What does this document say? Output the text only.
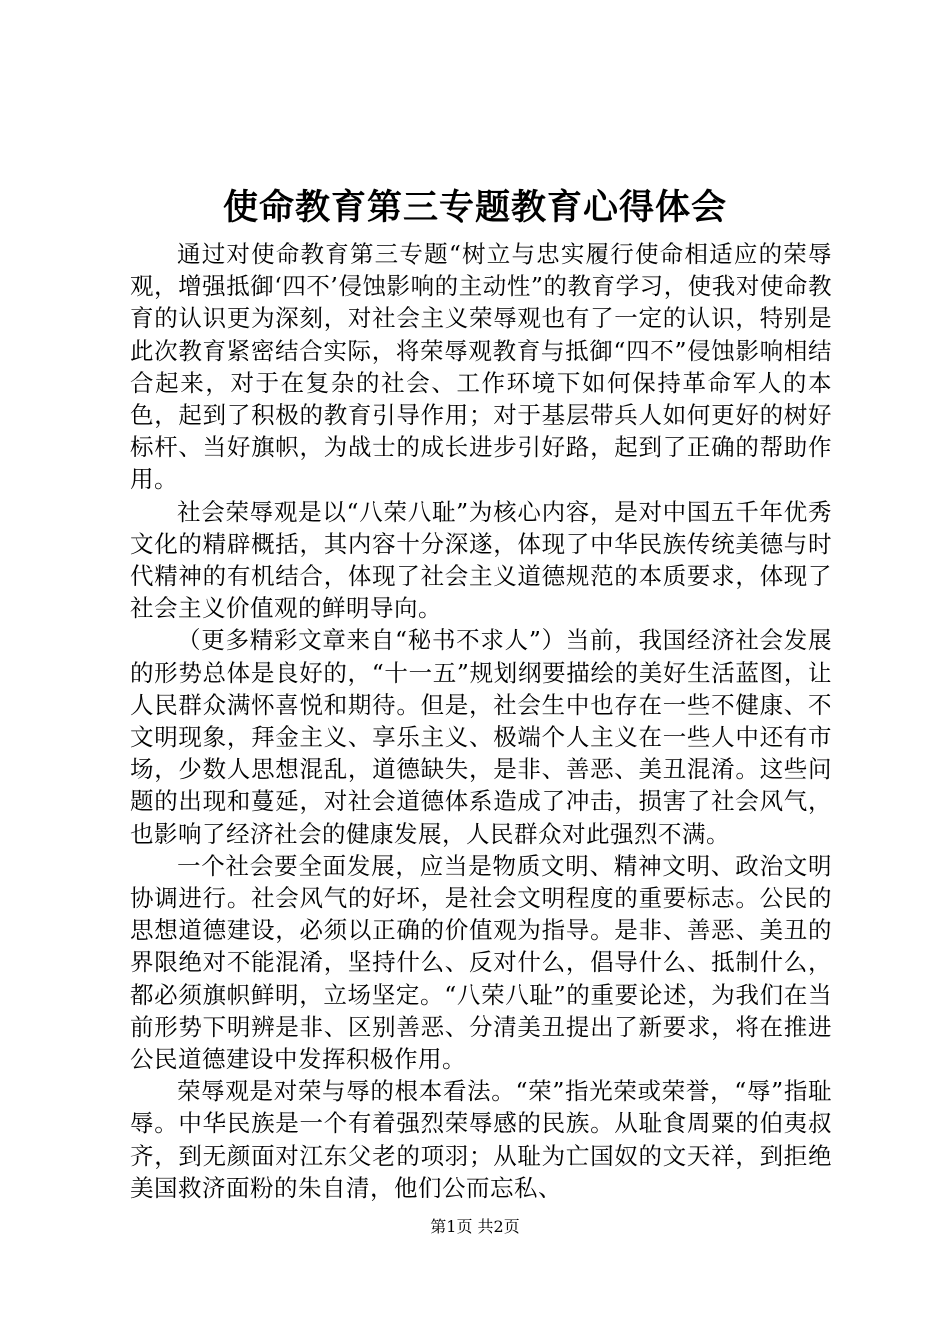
使命教育第三专题教育心得体会

通过对使命教育第三专题“树立与忠实履行使命相适应的荣辱观，增强抵御‘四不’侵蚀影响的主动性”的教育学习，使我对使命教育的认识更为深刻，对社会主义荣辱观也有了一定的认识，特别是此次教育紧密结合实际，将荣辱观教育与抵御“四不”侵蚀影响相结合起来，对于在复杂的社会、工作环境下如何保持革命军人的本色，起到了积极的教育引导作用；对于基层带兵人如何更好的树好标杆、当好旗帜，为战士的成长进步引好路，起到了正确的帮助作用。

社会荣辱观是以“八荣八耻”为核心内容，是对中国五千年优秀文化的精辟概括，其内容十分深遂，体现了中华民族传统美德与时代精神的有机结合，体现了社会主义道德规范的本质要求，体现了社会主义价值观的鲜明导向。

（更多精彩文章来自“秘书不求人”）当前，我国经济社会发展的形势总体是良好的，“十一五”规划纲要描绘的美好生活蓝图，让人民群众满怀喜悦和期待。但是，社会生中也存在一些不健康、不文明现象，拜金主义、享乐主义、极端个人主义在一些人中还有市场，少数人思想混乱，道德缺失，是非、善恶、美丑混淆。这些问题的出现和蔓延，对社会道德体系造成了冲击，损害了社会风气，也影响了经济社会的健康发展，人民群众对此强烈不满。

一个社会要全面发展，应当是物质文明、精神文明、政治文明协调进行。社会风气的好坏，是社会文明程度的重要标志。公民的思想道德建设，必须以正确的价值观为指导。是非、善恶、美丑的界限绝对不能混淆，坚持什么、反对什么，倡导什么、抵制什么，都必须旗帜鲜明，立场坚定。“八荣八耻”的重要论述，为我们在当前形势下明辨是非、区别善恶、分清美丑提出了新要求，将在推进公民道德建设中发挥积极作用。

荣辱观是对荣与辱的根本看法。“荣”指光荣或荣誉，“辱”指耻辱。中华民族是一个有着强烈荣辱感的民族。从耻食周粟的伯夷叔齐，到无颜面对江东父老的项羽；从耻为亡国奴的文天祥，到拒绝美国救济面粉的朱自清，他们公而忘私、

第1页 共2页
